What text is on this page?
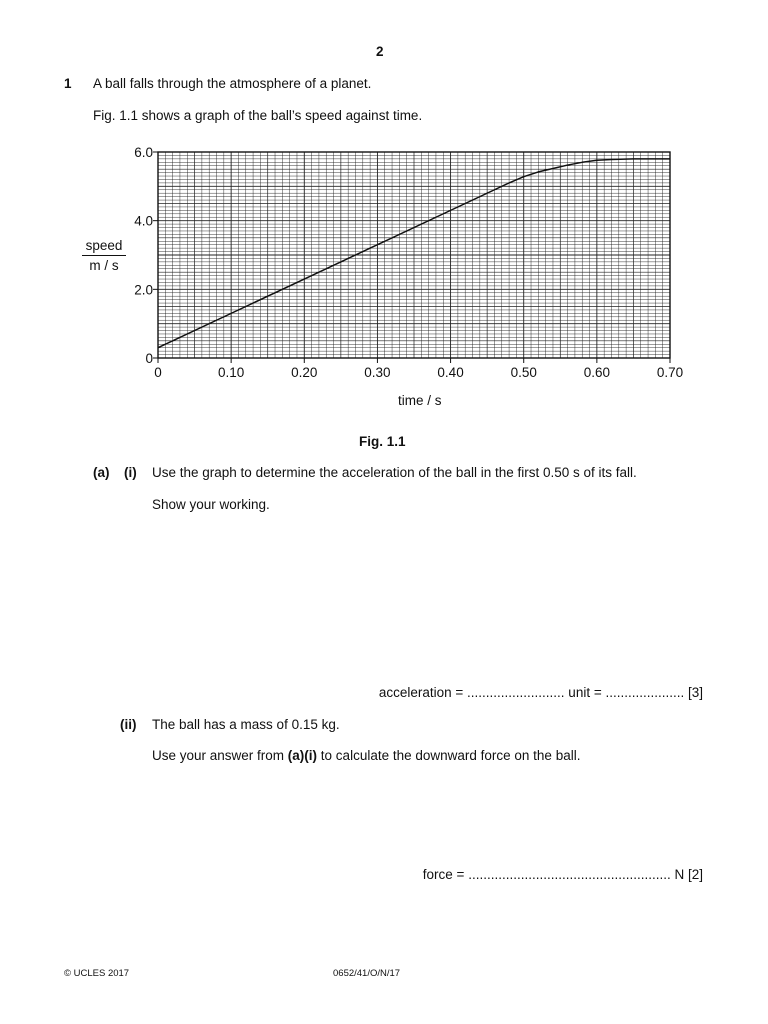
2
1 A ball falls through the atmosphere of a planet.
Fig. 1.1 shows a graph of the ball’s speed against time.
speed
m / s
0	0.10	0.20	0.30	0.40	0.50	0.60	0.70
0
2.0
4.0
6.0
time / s
Fig. 1.1
(a) (i) Use the graph to determine the acceleration of the ball in the first 0.50 s of its fall.
Show your working.
acceleration = .......................... unit = ..................... [3]
(ii) The ball has a mass of 0.15 kg.
Use your answer from (a)(i) to calculate the downward force on the ball.
force = ...................................................... N [2]
© UCLES 2017	0652/41/O/N/17
